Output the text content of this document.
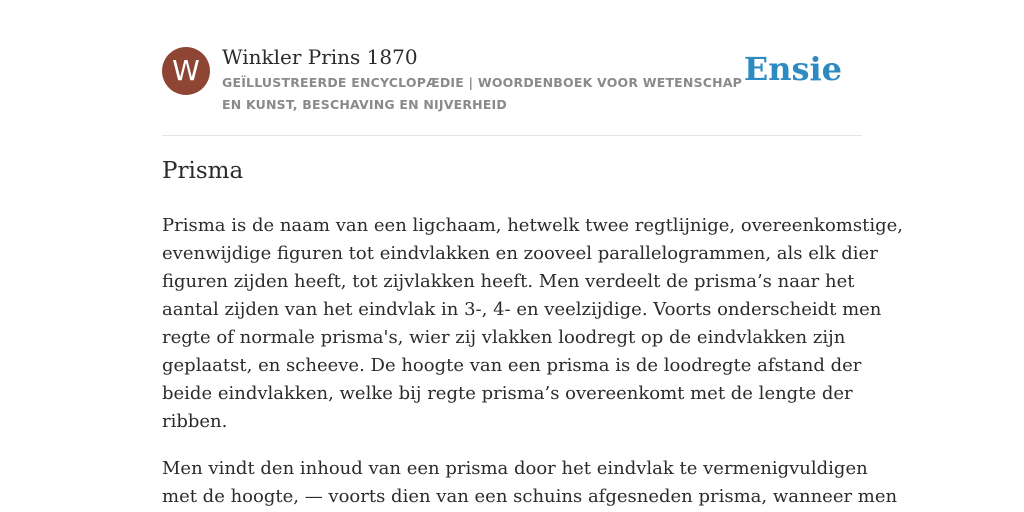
W	Winkler Prins 1870
GEÏLLUSTREERDE ENCYCLOPÆDIE | WOORDENBOEK VOOR WETENSCHAP EN KUNST, BESCHAVING EN NIJVERHEID
Ensie
Prisma

Prisma is de naam van een ligchaam, hetwelk twee regtlijnige, overeenkomstige,
evenwijdige figuren tot eindvlakken en zooveel parallelogrammen, als elk dier
figuren zijden heeft, tot zijvlakken heeft. Men verdeelt de prisma’s naar het
aantal zijden van het eindvlak in 3-, 4- en veelzijdige. Voorts onderscheidt men
regte of normale prisma's, wier zij vlakken loodregt op de eindvlakken zijn
geplaatst, en scheeve. De hoogte van een prisma is de loodregte afstand der
beide eindvlakken, welke bij regte prisma’s overeenkomt met de lengte der
ribben.

Men vindt den inhoud van een prisma door het eindvlak te vermenigvuldigen
met de hoogte, — voorts dien van een schuins afgesneden prisma, wanneer men
